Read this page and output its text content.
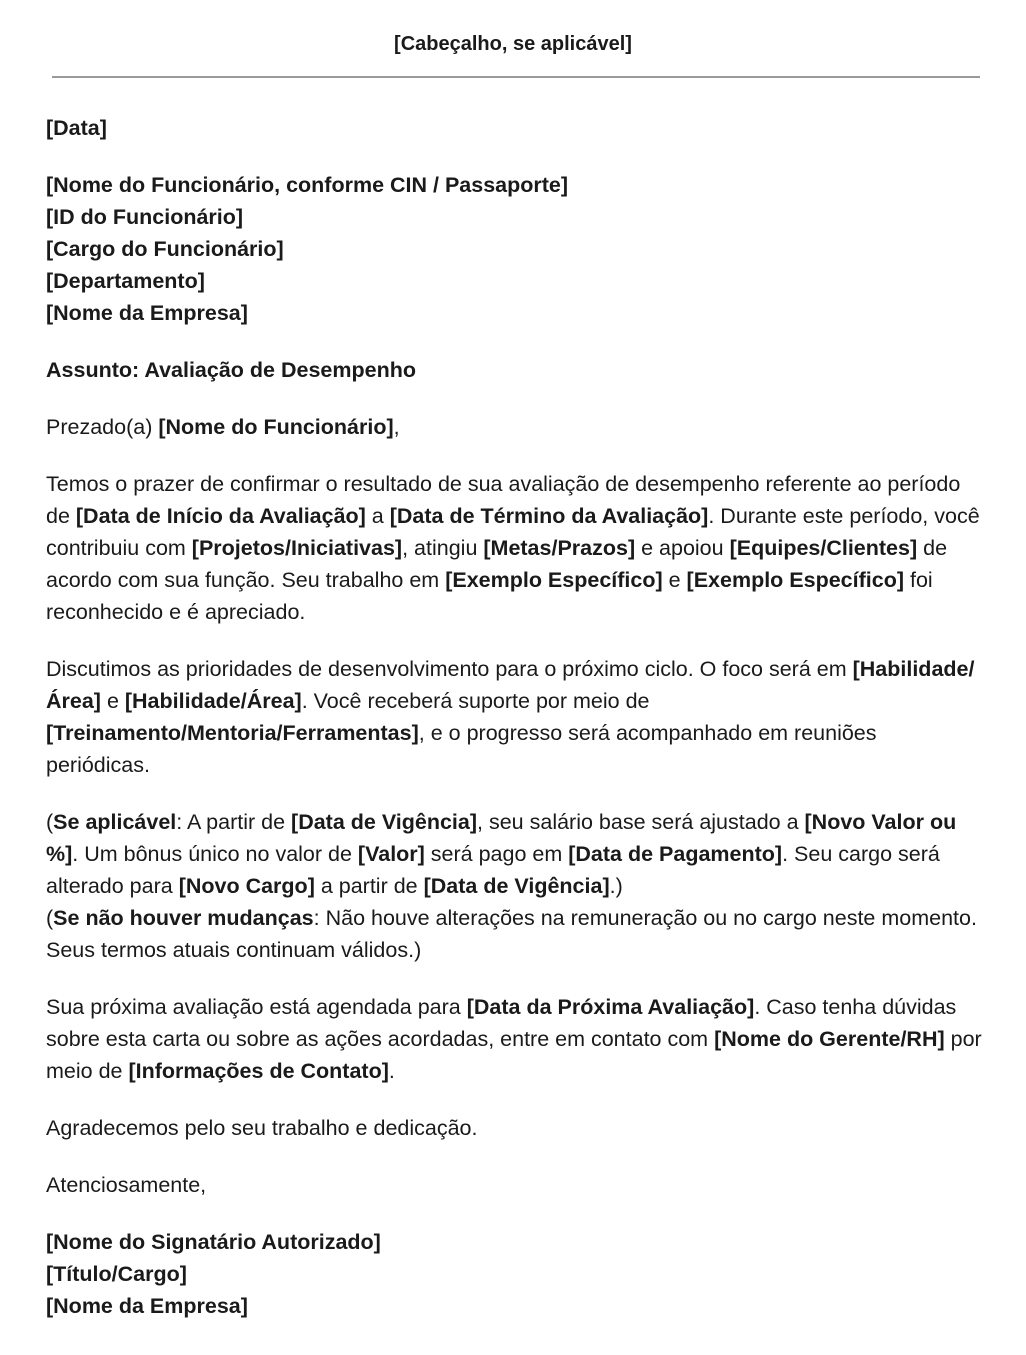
[Cabeçalho, se aplicável]

[Data]

[Nome do Funcionário, conforme CIN / Passaporte]
[ID do Funcionário]
[Cargo do Funcionário]
[Departamento]
[Nome da Empresa]

Assunto: Avaliação de Desempenho

Prezado(a) [Nome do Funcionário],

Temos o prazer de confirmar o resultado de sua avaliação de desempenho referente ao período de [Data de Início da Avaliação] a [Data de Término da Avaliação]. Durante este período, você contribuiu com [Projetos/Iniciativas], atingiu [Metas/Prazos] e apoiou [Equipes/Clientes] de acordo com sua função. Seu trabalho em [Exemplo Específico] e [Exemplo Específico] foi reconhecido e é apreciado.

Discutimos as prioridades de desenvolvimento para o próximo ciclo. O foco será em [Habilidade/Área] e [Habilidade/Área]. Você receberá suporte por meio de [Treinamento/Mentoria/Ferramentas], e o progresso será acompanhado em reuniões periódicas.

(Se aplicável: A partir de [Data de Vigência], seu salário base será ajustado a [Novo Valor ou %]. Um bônus único no valor de [Valor] será pago em [Data de Pagamento]. Seu cargo será alterado para [Novo Cargo] a partir de [Data de Vigência].)
(Se não houver mudanças: Não houve alterações na remuneração ou no cargo neste momento. Seus termos atuais continuam válidos.)

Sua próxima avaliação está agendada para [Data da Próxima Avaliação]. Caso tenha dúvidas sobre esta carta ou sobre as ações acordadas, entre em contato com [Nome do Gerente/RH] por meio de [Informações de Contato].

Agradecemos pelo seu trabalho e dedicação.

Atenciosamente,

[Nome do Signatário Autorizado]
[Título/Cargo]
[Nome da Empresa]
